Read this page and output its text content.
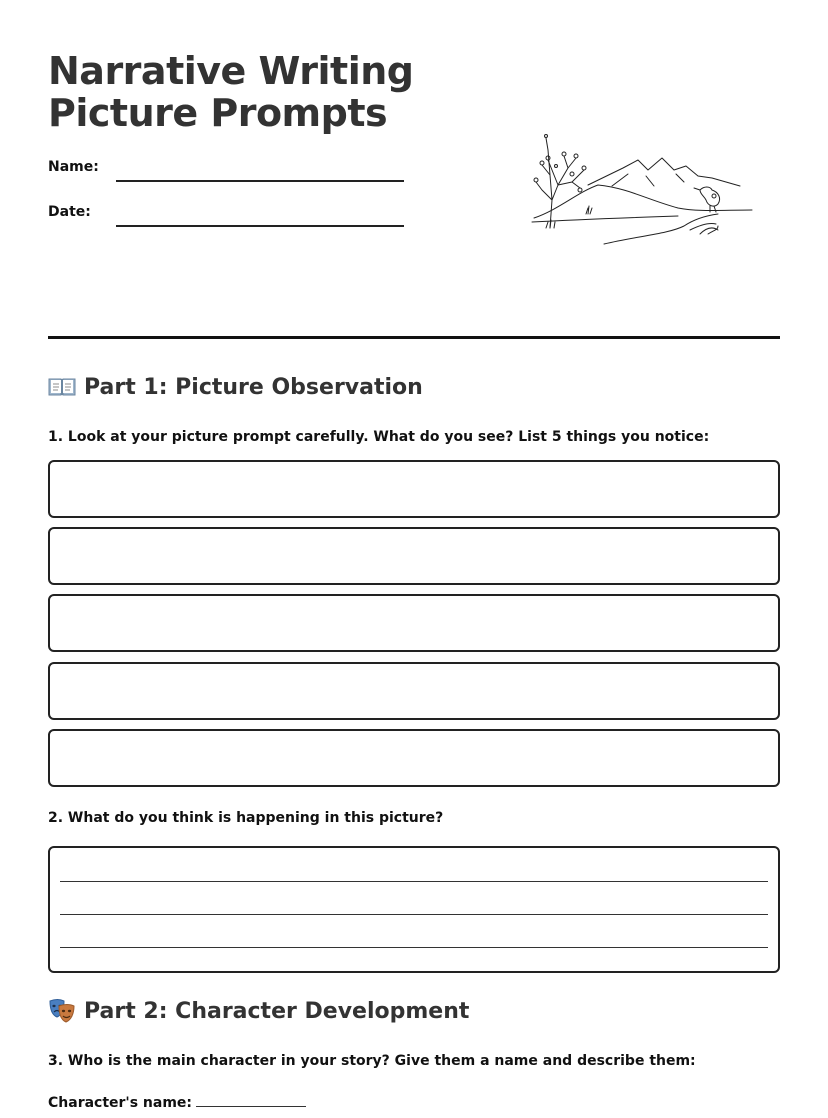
Narrative Writing
Picture Prompts
Name:
Date:
Part 1: Picture Observation
1. Look at your picture prompt carefully. What do you see? List 5 things you notice:
2. What do you think is happening in this picture?
Part 2: Character Development
3. Who is the main character in your story? Give them a name and describe them:
Character's name:
